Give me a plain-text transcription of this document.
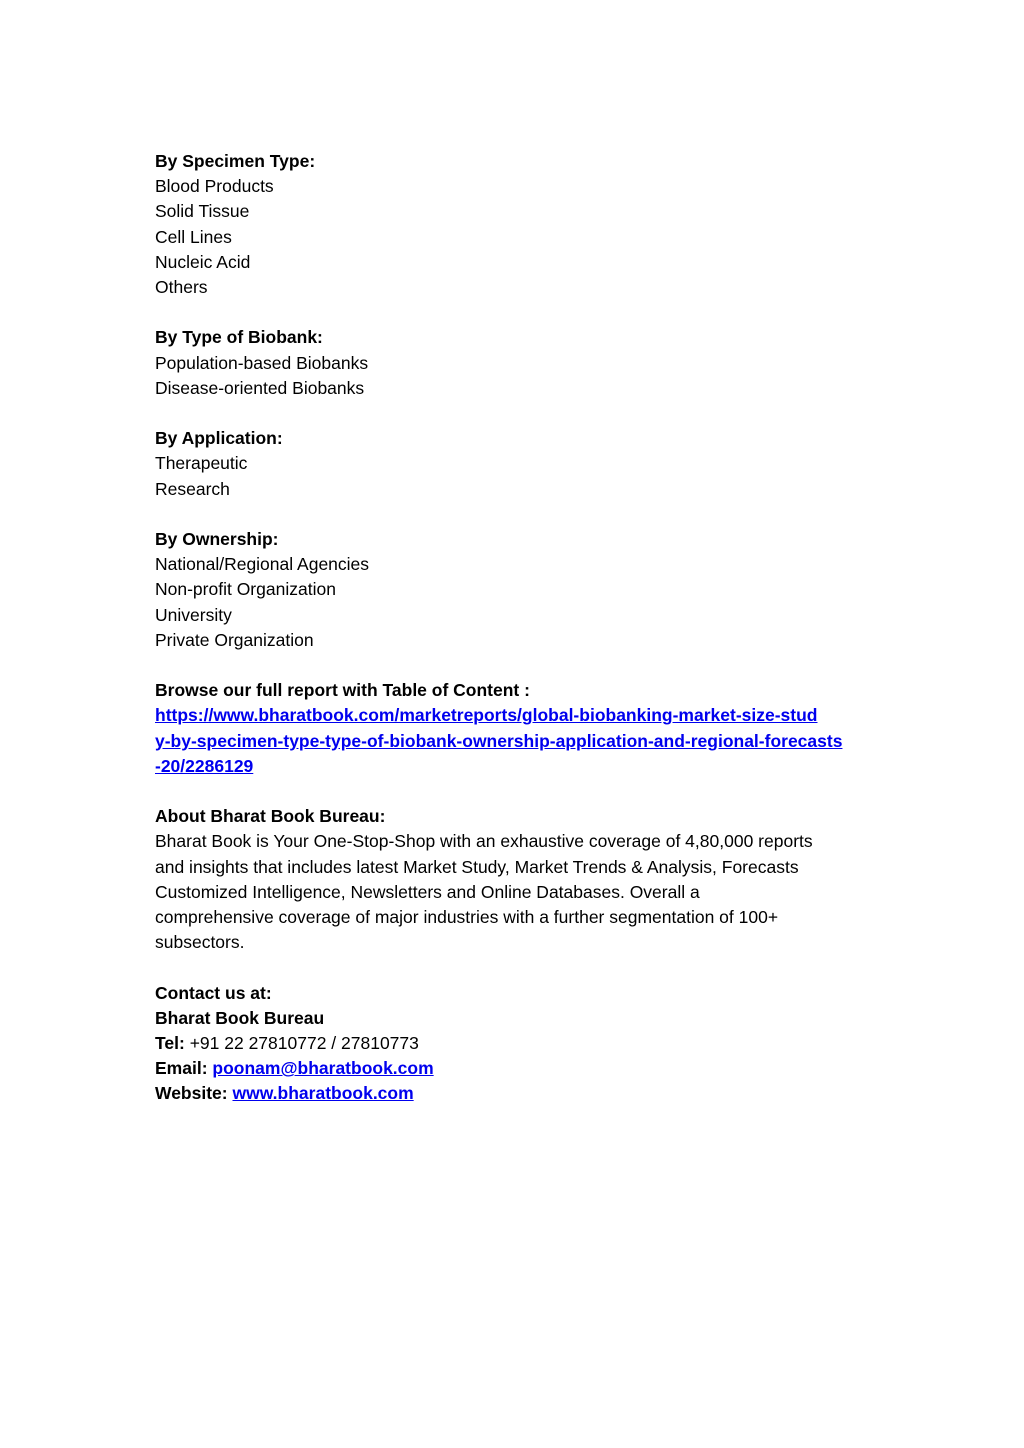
By Specimen Type:
Blood Products
Solid Tissue
Cell Lines
Nucleic Acid
Others
By Type of Biobank:
Population-based Biobanks
Disease-oriented Biobanks
By Application:
Therapeutic
Research
By Ownership:
National/Regional Agencies
Non-profit Organization
University
Private Organization
Browse our full report with Table of Content :
https://www.bharatbook.com/marketreports/global-biobanking-market-size-stud
y-by-specimen-type-type-of-biobank-ownership-application-and-regional-forecasts
-20/2286129
About Bharat Book Bureau:
Bharat Book is Your One-Stop-Shop with an exhaustive coverage of 4,80,000 reports
and insights that includes latest Market Study, Market Trends & Analysis, Forecasts
Customized Intelligence, Newsletters and Online Databases. Overall a
comprehensive coverage of major industries with a further segmentation of 100+
subsectors.
Contact us at:
Bharat Book Bureau
Tel: +91 22 27810772 / 27810773
Email: poonam@bharatbook.com
Website: www.bharatbook.com
